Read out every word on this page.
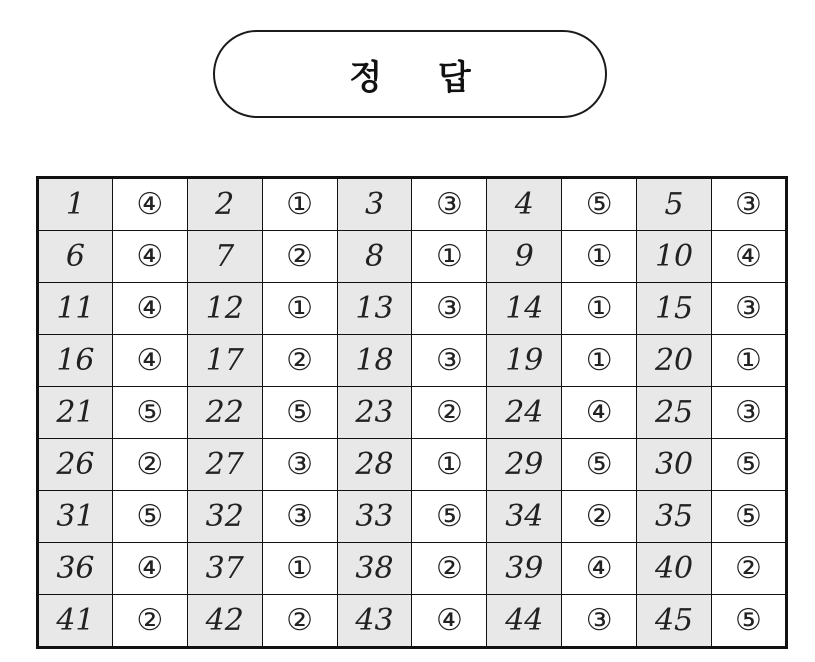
정 답
1	④	2	①	3	③	4	⑤	5	③
6	④	7	②	8	①	9	①	10	④
11	④	12	①	13	③	14	①	15	③
16	④	17	②	18	③	19	①	20	①
21	⑤	22	⑤	23	②	24	④	25	③
26	②	27	③	28	①	29	⑤	30	⑤
31	⑤	32	③	33	⑤	34	②	35	⑤
36	④	37	①	38	②	39	④	40	②
41	②	42	②	43	④	44	③	45	⑤
